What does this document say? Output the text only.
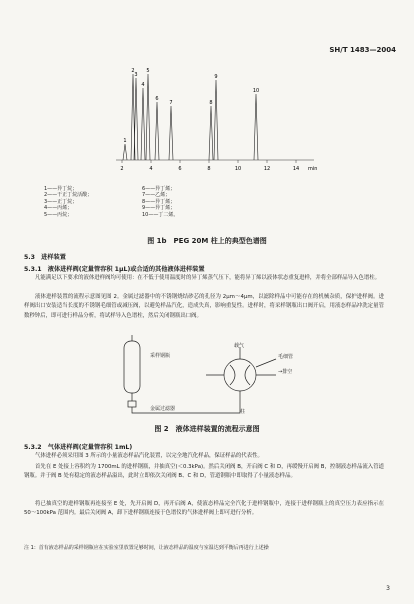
SH/T 1483—2004
2	4	6	8	10	12	14 min
1
2
3
4
5
6
7	8
9
10
1——异丁烷；
2——干正丁烷活酸；
3——正丁烷；
4——丙烯；
5——丙烷；
6——异丁烯；
7——乙烯；
8——异丁烯；
9——异丁烯；
10——丁二烯。
图 1b　PEG 20M 柱上的典型色谱图
5.3　进样装置
5.3.1　液体进样阀(定量管容积 1μL)或合适的其他液体进样装置
凡能满足以下要求的液体进样阀均可使用：在不低于使用温度时的异丁烯蒸气压下，能将异丁烯以液体状态重复进样，并将全部样品导入色谱柱。
液体进样装置的流程示意图见图 2。金属过滤器中的不锈钢烧结砂芯的孔径为 2μm～4μm，以滤除样品中可能存在的机械杂质，保护进样阀。进样阀出口安装适当长度的不锈钢毛细管或减压阀，以避免样品汽化，造成失真，影响重复性。进样时，将采样钢瓶出口阀开启，用液态样品冲洗定量管数秒钟后，即可进行样品分析，将试样导入色谱柱，然后关闭钢瓶出口阀。
载气
毛细管
→排空
采样钢瓶
金属过滤器	柱
图 2　液体进样装置的流程示意图
5.3.2　气体进样阀(定量管容积 1mL)
气体进样必须采用图 3 所示的小量液态样品汽化装置，以完全地汽化样品，保证样品的代表性。
首先在 E 处接上容积约为 1700mL 的进样钢瓶，并抽真空(＜0.3kPa)。然后关闭阀 B，开启阀 C 和 D，再缓慢开启阀 B，控制液态样品流入管道钢瓶。并于阀 B 处有稳定的液态样品溢出，此时立即依次关闭阀 B、C 和 D，管道钢瓶中即取得了小量液态样品。
将已抽真空的进样钢瓶再连接至 E 处，先开启阀 D，再开启阀 A，使液态样品完全汽化于进样钢瓶中，连接于进样钢瓶上的真空压力表应指示在 50～100kPa 范围内。最后关闭阀 A，卸下进样钢瓶连接于色谱仪的气体进样阀上即可进行分析。
注 1：首有液态样品的采样钢瓶应在实验室里放置足够时间，让液态样品的温度与室温达到平衡后再进行上述操
3
